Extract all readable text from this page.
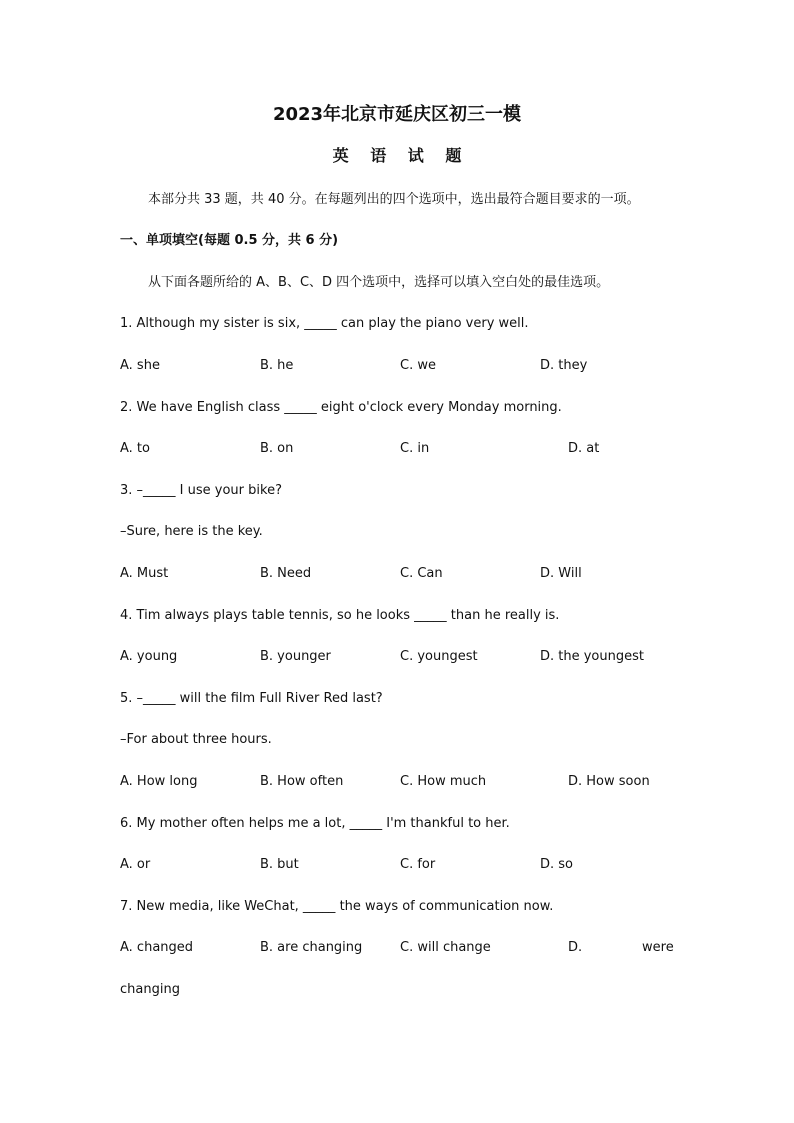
2023年北京市延庆区初三一模
英 语 试 题
本部分共 33 题，共 40 分。在每题列出的四个选项中，选出最符合题目要求的一项。
一、单项填空(每题 0.5 分，共 6 分)
从下面各题所给的 A、B、C、D 四个选项中，选择可以填入空白处的最佳选项。
1. Although my sister is six, _____ can play the piano very well.
A. she	B. he	C. we	D. they
2. We have English class _____ eight o'clock every Monday morning.
A. to	B. on	C. in	D. at
3. –_____ I use your bike?
–Sure, here is the key.
A. Must	B. Need	C. Can	D. Will
4. Tim always plays table tennis, so he looks _____ than he really is.
A. young	B. younger	C. youngest	D. the youngest
5. –_____ will the film Full River Red last?
–For about three hours.
A. How long	B. How often	C. How much	D. How soon
6. My mother often helps me a lot, _____ I'm thankful to her.
A. or	B. but	C. for	D. so
7. New media, like WeChat, _____ the ways of communication now.
A. changed	B. are changing	C. will change	D.	were
changing
